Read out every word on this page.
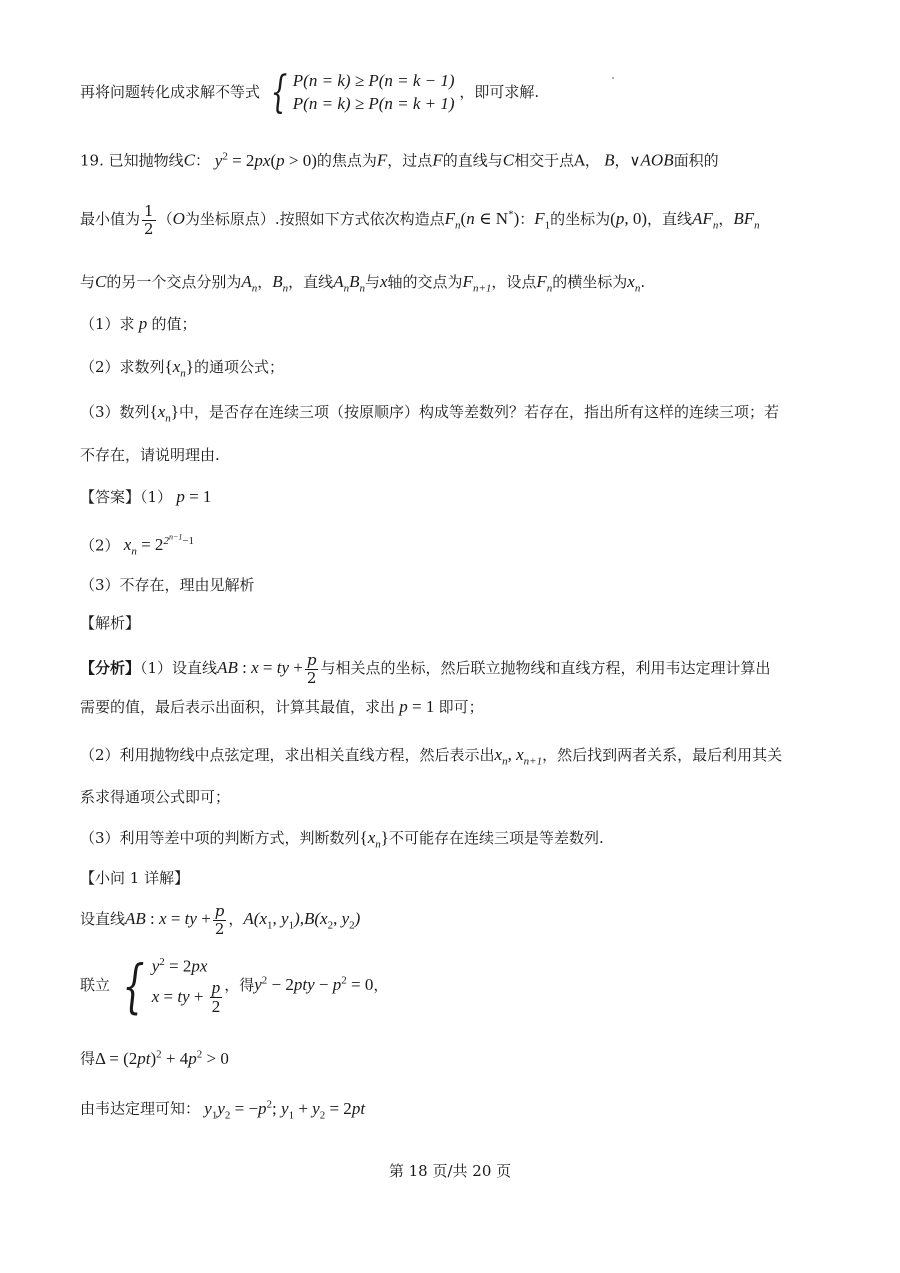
再将问题转化成求解不等式 { P(n = k) ≥ P(n = k − 1)
P(n = k) ≥ P(n = k + 1)
，即可求解.
19. 已知抛物线C： $y^2 = 2px(p > 0)$的焦点为F，过点F的直线与C相交于点A， B，∨AOB面积的
最小值为 $\frac{1}{2} (O$为坐标原点）.按照如下方式依次构造点$F_n(n$ ∈ N*)：$F_1$的坐标为(p, 0)，直线$AF_n$，$BF_n$
与C的另一个交点分别为$A_n$，$B_n$，直线$A_nB_n$与x轴的交点为$F_{n+1}$，设点$F_n$的横坐标为$x_n$.
（1）求 p 的值；
（2）求数列$\{x_n\}$的通项公式；
（3）数列$\{x_n\}$中，是否存在连续三项（按原顺序）构成等差数列？若存在，指出所有这样的连续三项；若
不存在，请说明理由.
【答案】（1） p = 1
（2） $x_n = 2^{2^{n-1}-1}$
（3）不存在，理由见解析
【解析】
【分析】（1）设直线AB : x = ty + $\frac{p}{2}$ 与相关点的坐标，然后联立抛物线和直线方程，利用韦达定理计算出
需要的值，最后表示出面积，计算其最值，求出 p = 1 即可；
（2）利用抛物线中点弦定理，求出相关直线方程，然后表示出$x_n$, $x_{n+1}$，然后找到两者关系，最后利用其关
系求得通项公式即可；
（3）利用等差中项的判断方式，判断数列$\{x_n\}$不可能存在连续三项是等差数列.
【小问 1 详解】
设直线AB : x = ty + $\frac{p}{2}$ ，$A(x_1$, $y_1),B(x_2$, $y_2$)
联立 { $y^2 = 2px$
x = ty + $\frac{p}{2}$ ，得$y^2 - 2pty - p^2 = 0$，
得$\Delta = (2pt)^2 + 4p^2 > 0$
由韦达定理可知： $y_1y_2 = -p^2$; $y_1 + y_2 = 2pt$
第 18 页/共 20 页
